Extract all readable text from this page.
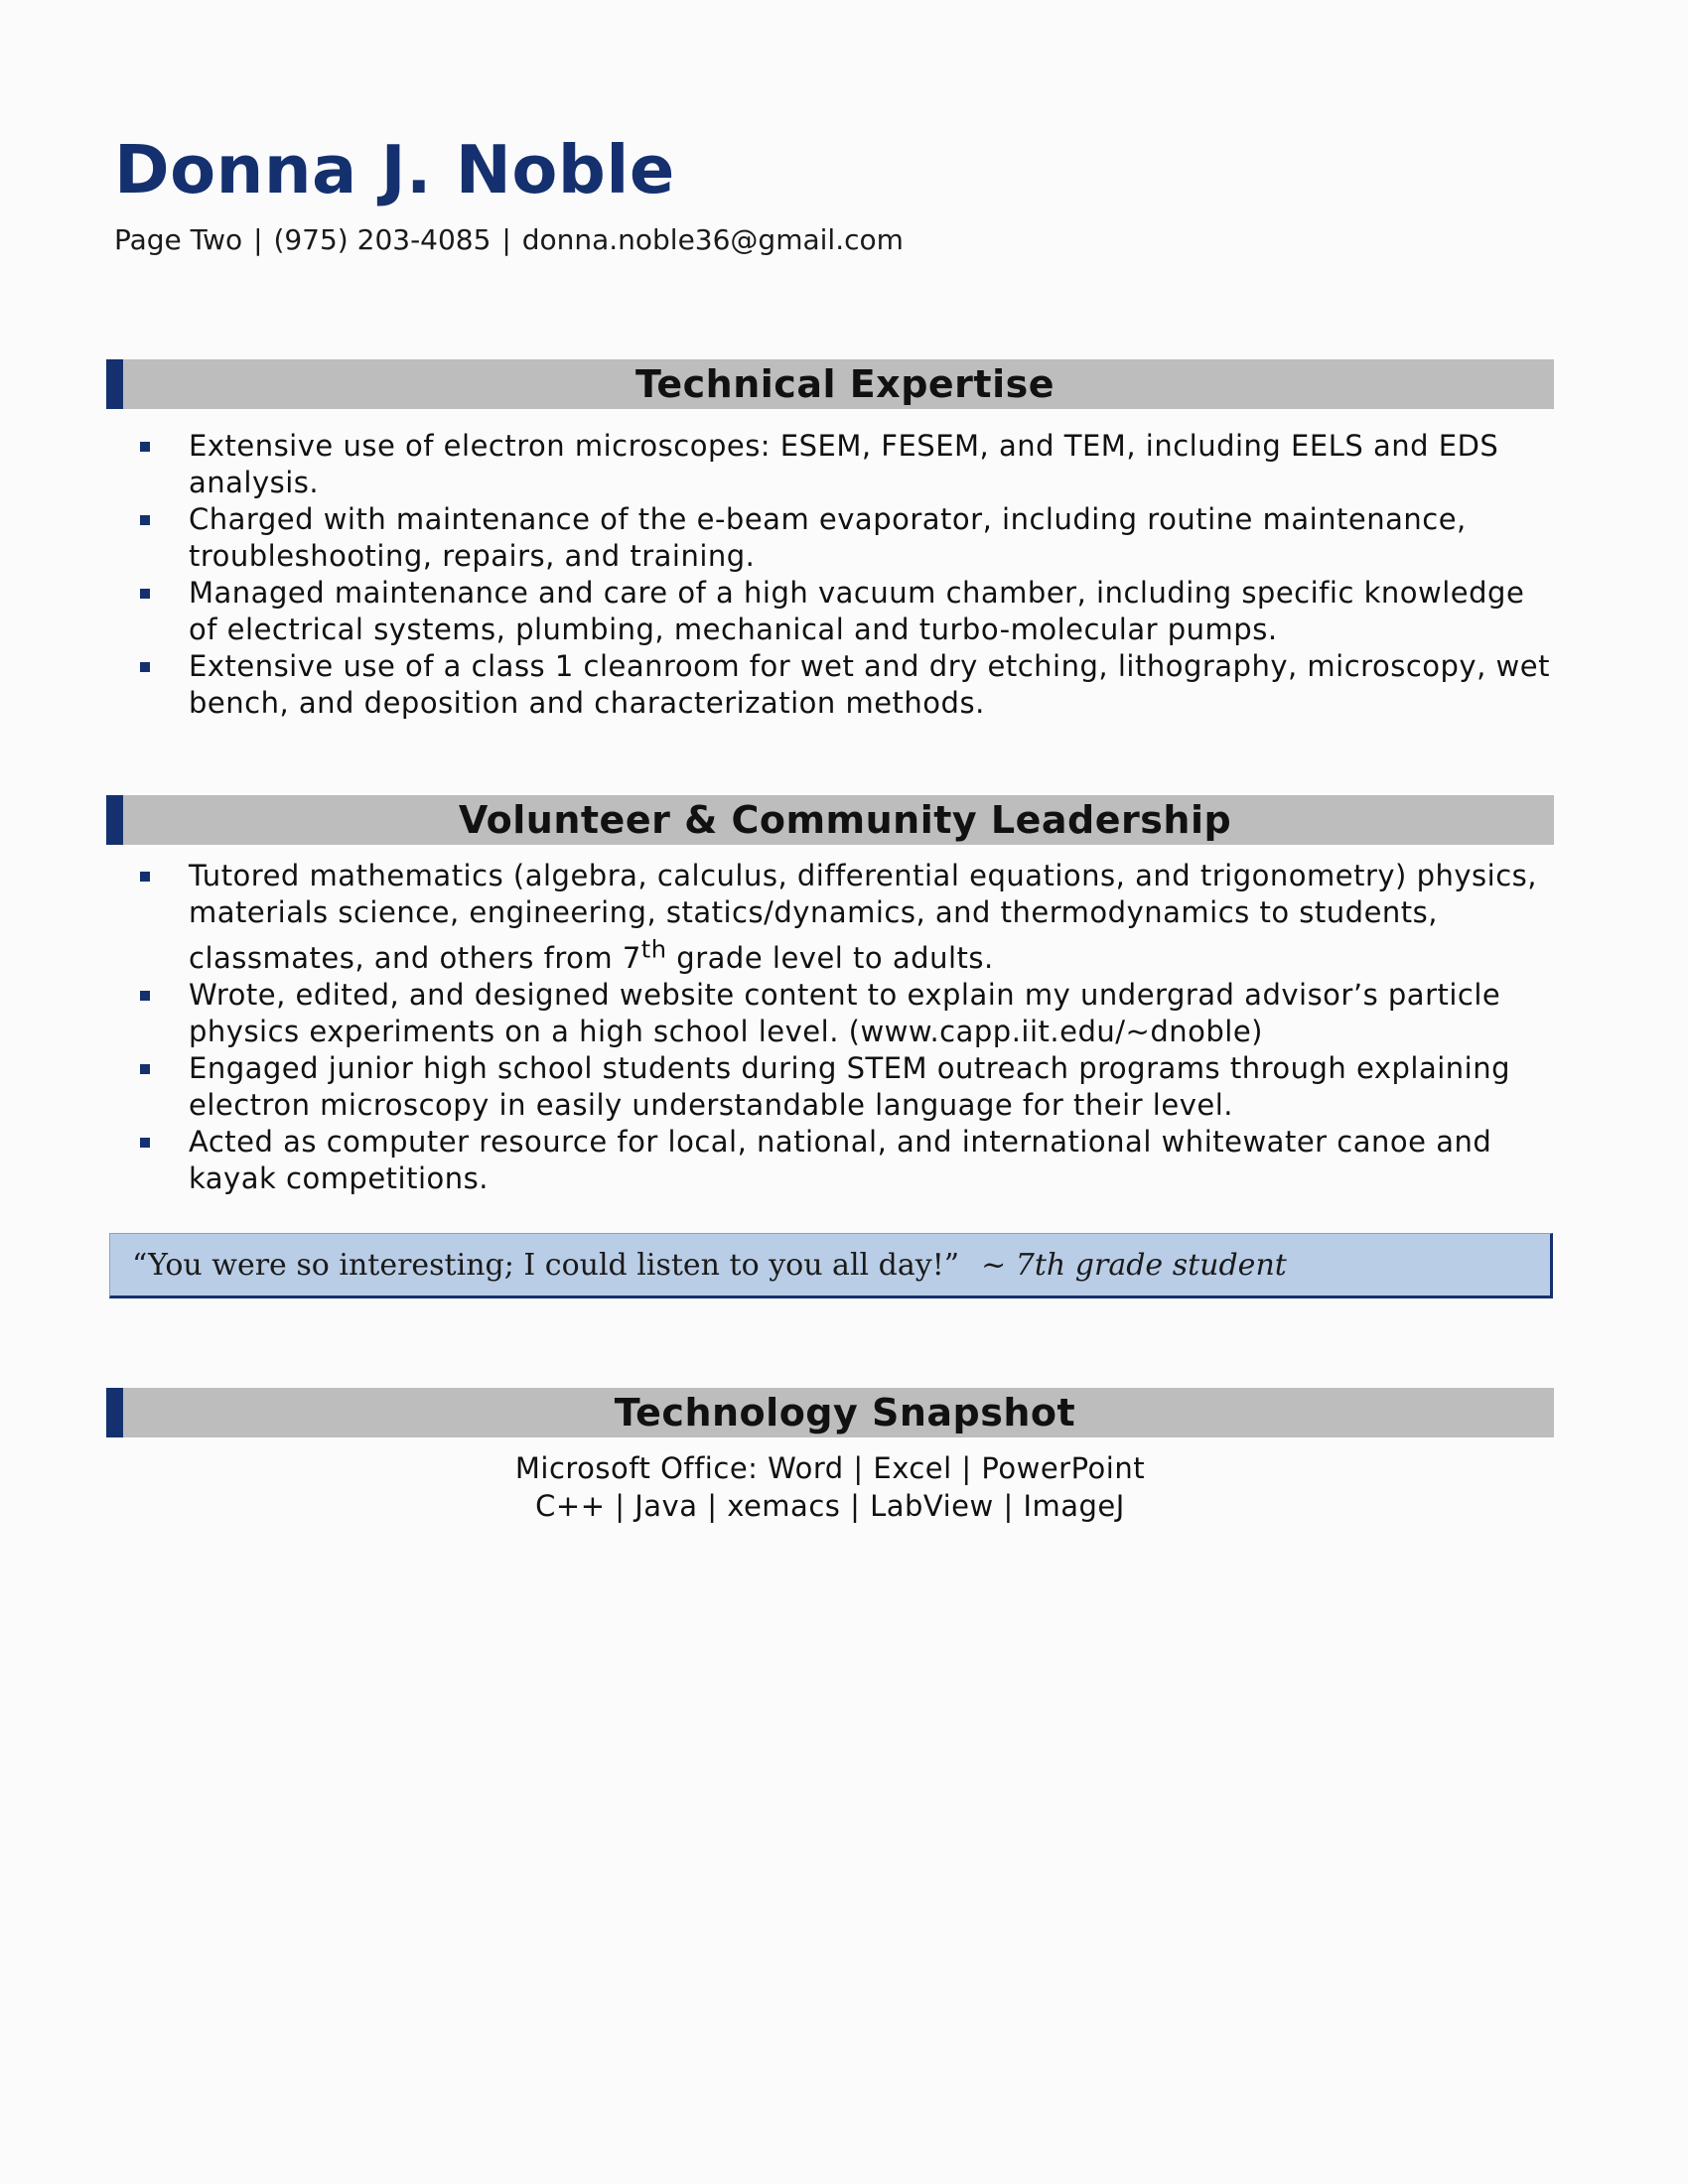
Donna J. Noble
Page Two | (975) 203-4085 | donna.noble36@gmail.com
Technical Expertise
Extensive use of electron microscopes: ESEM, FESEM, and TEM, including EELS and EDS analysis.
Charged with maintenance of the e-beam evaporator, including routine maintenance, troubleshooting, repairs, and training.
Managed maintenance and care of a high vacuum chamber, including specific knowledge of electrical systems, plumbing, mechanical and turbo-molecular pumps.
Extensive use of a class 1 cleanroom for wet and dry etching, lithography, microscopy, wet bench, and deposition and characterization methods.
Volunteer & Community Leadership
Tutored mathematics (algebra, calculus, differential equations, and trigonometry) physics, materials science, engineering, statics/dynamics, and thermodynamics to students, classmates, and others from 7th grade level to adults.
Wrote, edited, and designed website content to explain my undergrad advisor’s particle physics experiments on a high school level. (www.capp.iit.edu/~dnoble)
Engaged junior high school students during STEM outreach programs through explaining electron microscopy in easily understandable language for their level.
Acted as computer resource for local, national, and international whitewater canoe and kayak competitions.
“You were so interesting; I could listen to you all day!” ~ 7th grade student
Technology Snapshot
Microsoft Office: Word | Excel | PowerPoint
C++ | Java | xemacs | LabView | ImageJ
